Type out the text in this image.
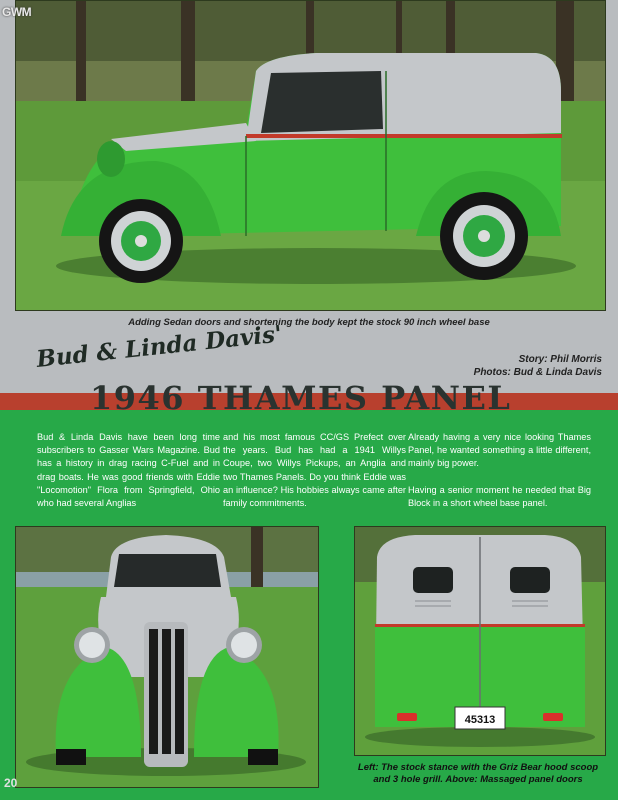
GWM
Adding Sedan doors and shortening the body kept the stock 90 inch wheel base
Bud & Linda Davis'	Story: Phil Morris
Photos: Bud & Linda Davis
1946 THAMES PANEL

Bud & Linda Davis have been long time subscribers to Gasser Wars Magazine. Bud has a history in drag racing C-Fuel and in drag boats. He was good friends with Eddie "Locomotion" Flora from Springfield, Ohio who had several Anglias

and his most famous CC/GS Prefect over the years. Bud has had a 1941 Willys Coupe, two Willys Pickups, an Anglia and two Thames Panels. Do you think Eddie was an influence? His hobbies always came after family commitments.

Already having a very nice looking Thames Panel, he wanted something a little different, mainly big power.

Having a senior moment he needed that Big Block in a short wheel base panel.

45313
Left: The stock stance with the Griz Bear hood scoop
and 3 hole grill. Above: Massaged panel doors
20
